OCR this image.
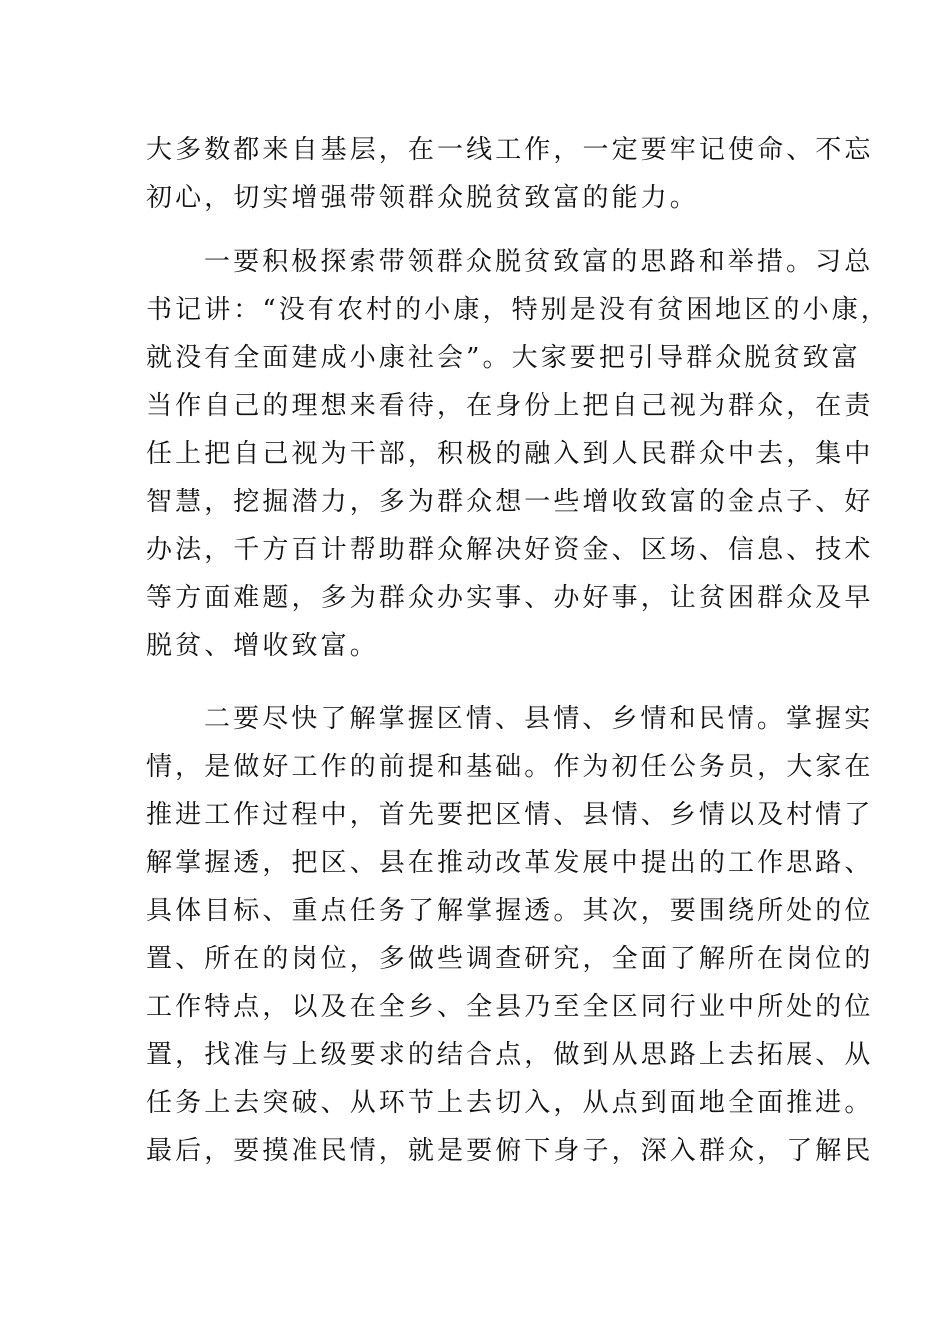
大多数都来自基层，在一线工作，一定要牢记使命、不忘
初心，切实增强带领群众脱贫致富的能力。
一要积极探索带领群众脱贫致富的思路和举措。习总
书记讲：“没有农村的小康，特别是没有贫困地区的小康，
就没有全面建成小康社会”。大家要把引导群众脱贫致富
当作自己的理想来看待，在身份上把自己视为群众，在责
任上把自己视为干部，积极的融入到人民群众中去，集中
智慧，挖掘潜力，多为群众想一些增收致富的金点子、好
办法，千方百计帮助群众解决好资金、区场、信息、技术
等方面难题，多为群众办实事、办好事，让贫困群众及早
脱贫、增收致富。
二要尽快了解掌握区情、县情、乡情和民情。掌握实
情，是做好工作的前提和基础。作为初任公务员，大家在
推进工作过程中，首先要把区情、县情、乡情以及村情了
解掌握透，把区、县在推动改革发展中提出的工作思路、
具体目标、重点任务了解掌握透。其次，要围绕所处的位
置、所在的岗位，多做些调查研究，全面了解所在岗位的
工作特点，以及在全乡、全县乃至全区同行业中所处的位
置，找准与上级要求的结合点，做到从思路上去拓展、从
任务上去突破、从环节上去切入，从点到面地全面推进。
最后，要摸准民情，就是要俯下身子，深入群众，了解民
